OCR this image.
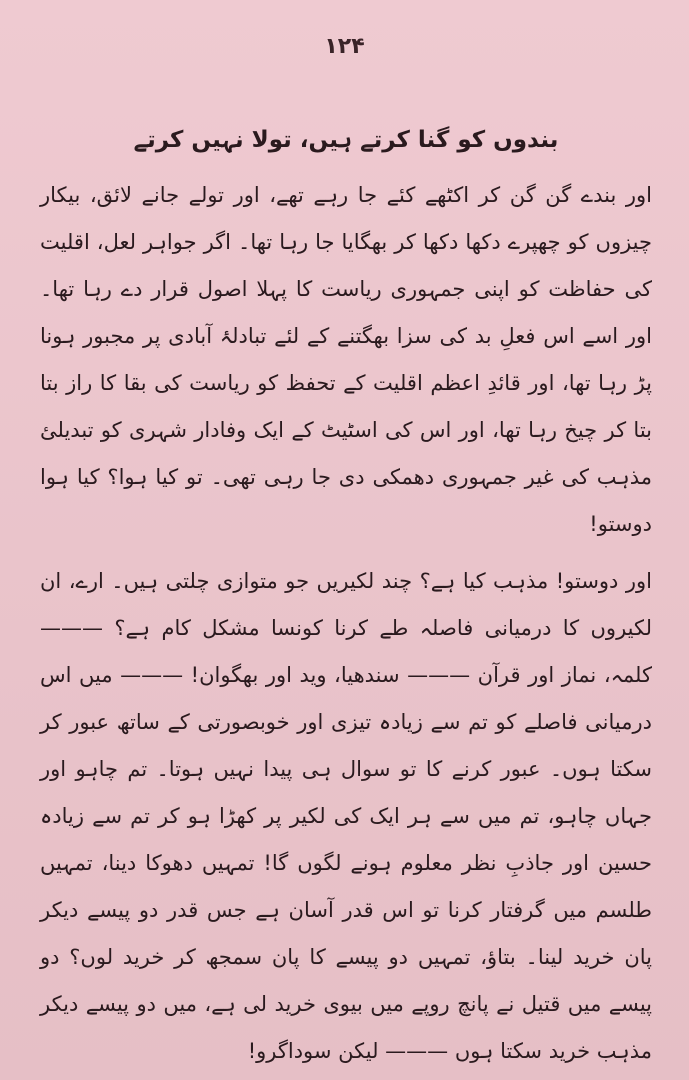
۱۲۴
بندوں کو گنا کرتے ہیں، تولا نہیں کرتے

اور بندے گن گن کر اکٹھے کئے جا رہے تھے، اور تولے جانے لائق، بیکار چیزوں کو چھپرے دکھا دکھا کر بھگایا جا رہا تھا۔ اگر جواہر لعل، اقلیت کی حفاظت کو اپنی جمہوری ریاست کا پہلا اصول قرار دے رہا تھا۔ اور اسے اس فعلِ بد کی سزا بھگتنے کے لئے تبادلۂ آبادی پر مجبور ہونا پڑ رہا تھا، اور قائدِ اعظم اقلیت کے تحفظ کو ریاست کی بقا کا راز بتا بتا کر چیخ رہا تھا، اور اس کی اسٹیٹ کے ایک وفادار شہری کو تبدیلئ مذہب کی غیر جمہوری دھمکی دی جا رہی تھی۔ تو کیا ہوا؟ کیا ہوا دوستو!

اور دوستو! مذہب کیا ہے؟ چند لکیریں جو متوازی چلتی ہیں۔ ارے، ان لکیروں کا درمیانی فاصلہ طے کرنا کونسا مشکل کام ہے؟ ——— کلمہ، نماز اور قرآن ——— سندھیا، وید اور بھگوان! ——— میں اس درمیانی فاصلے کو تم سے زیادہ تیزی اور خوبصورتی کے ساتھ عبور کر سکتا ہوں۔ عبور کرنے کا تو سوال ہی پیدا نہیں ہوتا۔ تم چاہو اور جہاں چاہو، تم میں سے ہر ایک کی لکیر پر کھڑا ہو کر تم سے زیادہ حسین اور جاذبِ نظر معلوم ہونے لگوں گا! تمہیں دھوکا دینا، تمہیں طلسم میں گرفتار کرنا تو اس قدر آسان ہے جس قدر دو پیسے دیکر پان خرید لینا۔ بتاؤ، تمہیں دو پیسے کا پان سمجھ کر خرید لوں؟ دو پیسے میں قتیل نے پانچ روپے میں بیوی خرید لی ہے، میں دو پیسے دیکر مذہب خرید سکتا ہوں ——— لیکن سوداگرو!
